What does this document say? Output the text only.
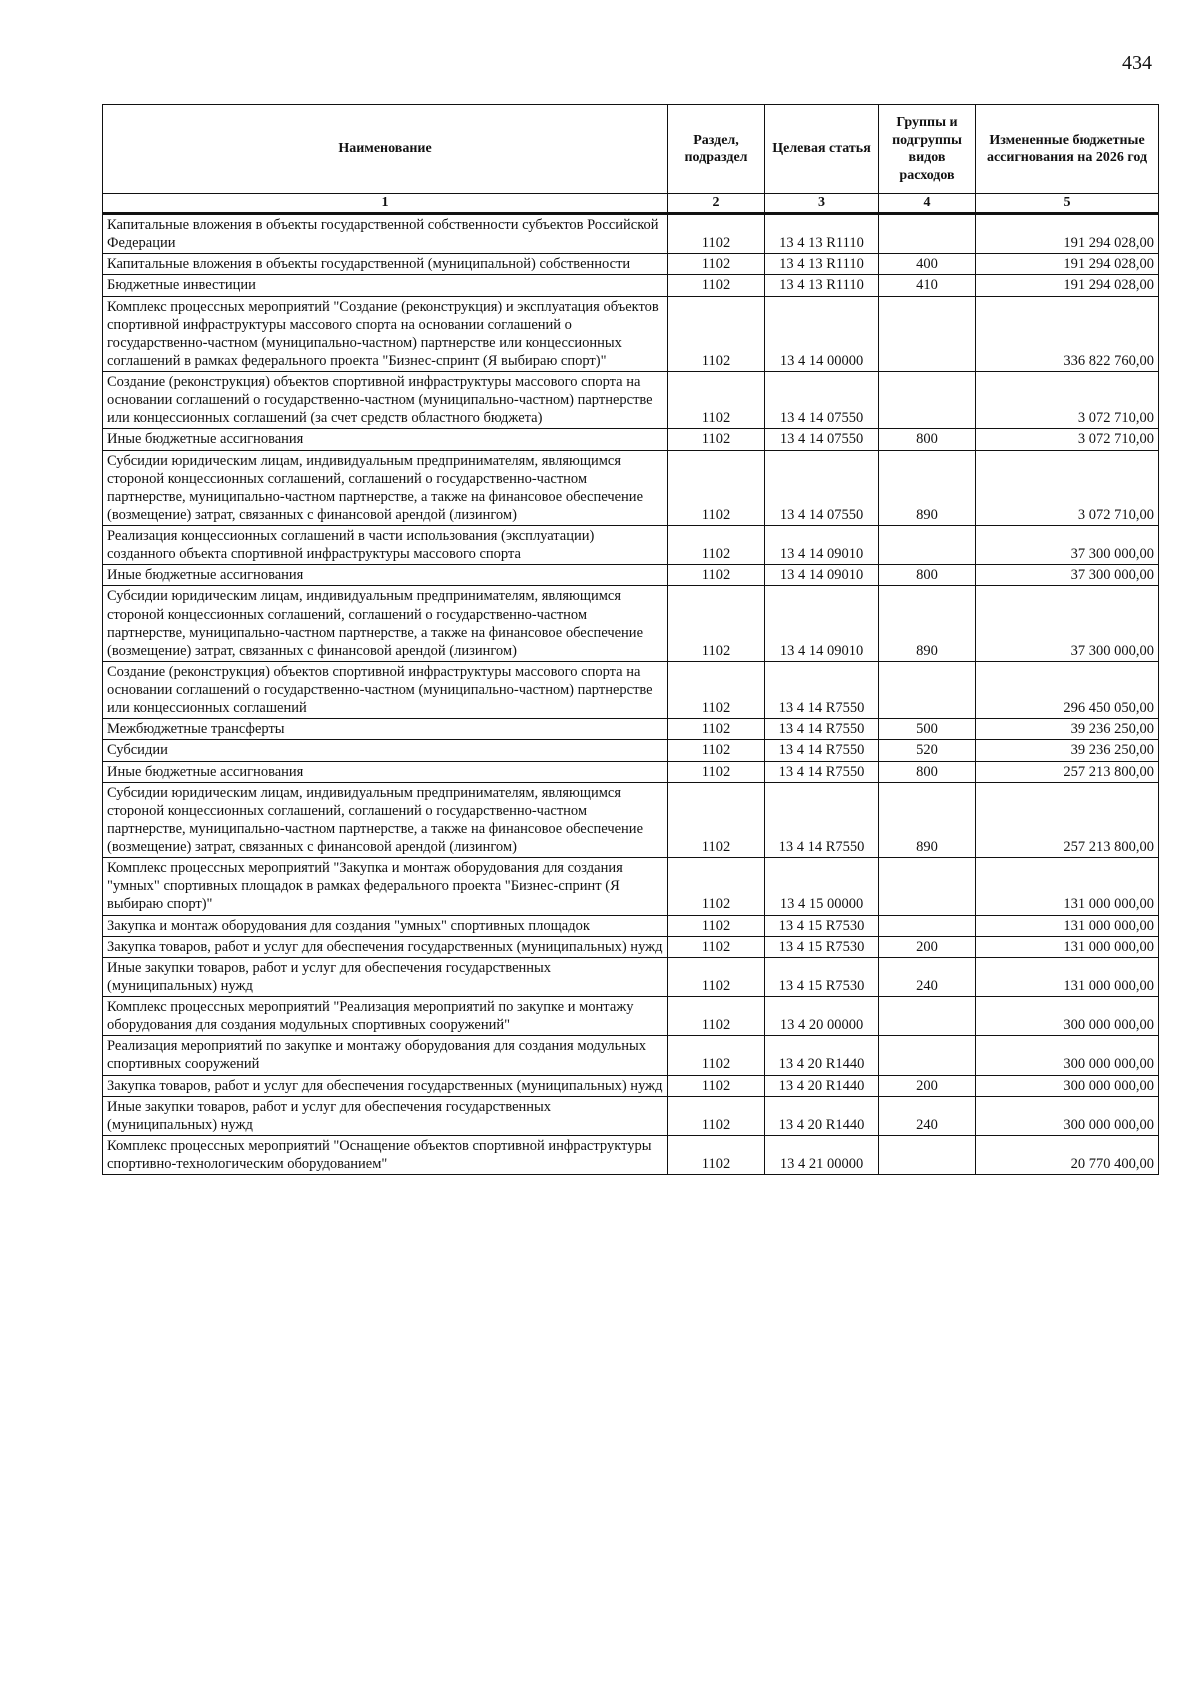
434
Наименование	Раздел, подраздел	Целевая статья	Группы и подгруппы видов расходов	Измененные бюджетные ассигнования на 2026 год
1	2	3	4	5
Капитальные вложения в объекты государственной собственности субъектов Российской Федерации	1102	13 4 13 R1110		191 294 028,00
Капитальные вложения в объекты государственной (муниципальной) собственности	1102	13 4 13 R1110	400	191 294 028,00
Бюджетные инвестиции	1102	13 4 13 R1110	410	191 294 028,00
Комплекс процессных мероприятий "Создание (реконструкция) и эксплуатация объектов спортивной инфраструктуры массового спорта на основании соглашений о государственно-частном (муниципально-частном) партнерстве или концессионных соглашений в рамках федерального проекта "Бизнес-спринт (Я выбираю спорт)"	1102	13 4 14 00000		336 822 760,00
Создание (реконструкция) объектов спортивной инфраструктуры массового спорта на основании соглашений о государственно-частном (муниципально-частном) партнерстве или концессионных соглашений (за счет средств областного бюджета)	1102	13 4 14 07550		3 072 710,00
Иные бюджетные ассигнования	1102	13 4 14 07550	800	3 072 710,00
Субсидии юридическим лицам, индивидуальным предпринимателям, являющимся стороной концессионных соглашений, соглашений о государственно-частном партнерстве, муниципально-частном партнерстве, а также на финансовое обеспечение (возмещение) затрат, связанных с финансовой арендой (лизингом)	1102	13 4 14 07550	890	3 072 710,00
Реализация концессионных соглашений в части использования (эксплуатации) созданного объекта спортивной инфраструктуры массового спорта	1102	13 4 14 09010		37 300 000,00
Иные бюджетные ассигнования	1102	13 4 14 09010	800	37 300 000,00
Субсидии юридическим лицам, индивидуальным предпринимателям, являющимся стороной концессионных соглашений, соглашений о государственно-частном партнерстве, муниципально-частном партнерстве, а также на финансовое обеспечение (возмещение) затрат, связанных с финансовой арендой (лизингом)	1102	13 4 14 09010	890	37 300 000,00
Создание (реконструкция) объектов спортивной инфраструктуры массового спорта на основании соглашений о государственно-частном (муниципально-частном) партнерстве или концессионных соглашений	1102	13 4 14 R7550		296 450 050,00
Межбюджетные трансферты	1102	13 4 14 R7550	500	39 236 250,00
Субсидии	1102	13 4 14 R7550	520	39 236 250,00
Иные бюджетные ассигнования	1102	13 4 14 R7550	800	257 213 800,00
Субсидии юридическим лицам, индивидуальным предпринимателям, являющимся стороной концессионных соглашений, соглашений о государственно-частном партнерстве, муниципально-частном партнерстве, а также на финансовое обеспечение (возмещение) затрат, связанных с финансовой арендой (лизингом)	1102	13 4 14 R7550	890	257 213 800,00
Комплекс процессных мероприятий "Закупка и монтаж оборудования для создания "умных" спортивных площадок в рамках федерального проекта "Бизнес-спринт (Я выбираю спорт)"	1102	13 4 15 00000		131 000 000,00
Закупка и монтаж оборудования для создания "умных" спортивных площадок	1102	13 4 15 R7530		131 000 000,00
Закупка товаров, работ и услуг для обеспечения государственных (муниципальных) нужд	1102	13 4 15 R7530	200	131 000 000,00
Иные закупки товаров, работ и услуг для обеспечения государственных (муниципальных) нужд	1102	13 4 15 R7530	240	131 000 000,00
Комплекс процессных мероприятий "Реализация мероприятий по закупке и монтажу оборудования для создания модульных спортивных сооружений"	1102	13 4 20 00000		300 000 000,00
Реализация мероприятий по закупке и монтажу оборудования для создания модульных спортивных сооружений	1102	13 4 20 R1440		300 000 000,00
Закупка товаров, работ и услуг для обеспечения государственных (муниципальных) нужд	1102	13 4 20 R1440	200	300 000 000,00
Иные закупки товаров, работ и услуг для обеспечения государственных (муниципальных) нужд	1102	13 4 20 R1440	240	300 000 000,00
Комплекс процессных мероприятий "Оснащение объектов спортивной инфраструктуры спортивно-технологическим оборудованием"	1102	13 4 21 00000		20 770 400,00
